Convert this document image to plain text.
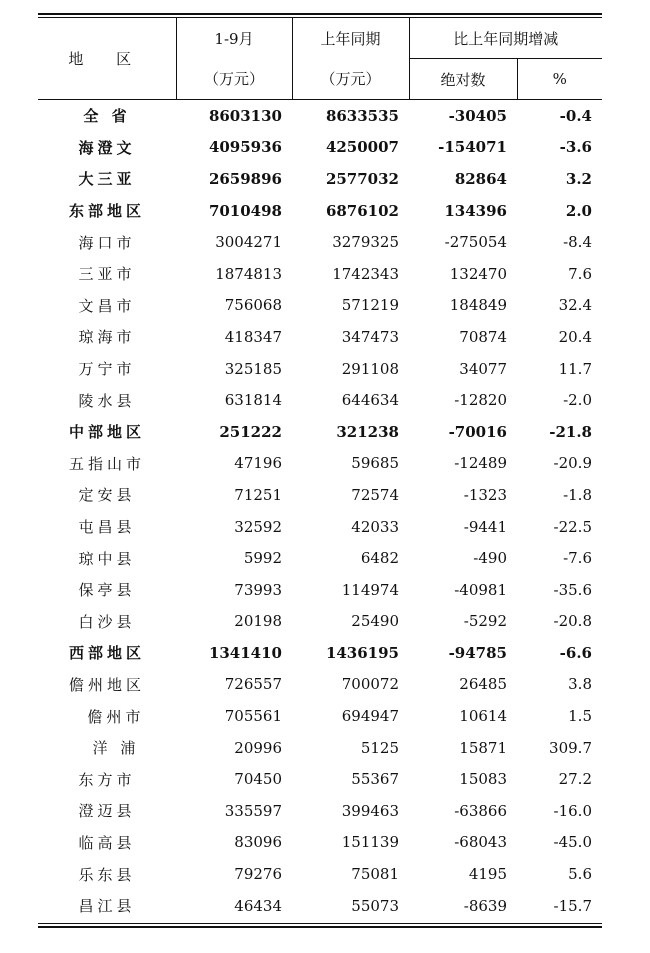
地 区	1-9月	上年同期	比上年同期增减	
	（万元）	（万元）	绝对数	%
全 省	8603130	8633535	-30405	-0.4
海澄文	4095936	4250007	-154071	-3.6
大三亚	2659896	2577032	82864	3.2
东部地区	7010498	6876102	134396	2.0
海口市	3004271	3279325	-275054	-8.4
三亚市	1874813	1742343	132470	7.6
文昌市	756068	571219	184849	32.4
琼海市	418347	347473	70874	20.4
万宁市	325185	291108	34077	11.7
陵水县	631814	644634	-12820	-2.0
中部地区	251222	321238	-70016	-21.8
五指山市	47196	59685	-12489	-20.9
定安县	71251	72574	-1323	-1.8
屯昌县	32592	42033	-9441	-22.5
琼中县	5992	6482	-490	-7.6
保亭县	73993	114974	-40981	-35.6
白沙县	20198	25490	-5292	-20.8
西部地区	1341410	1436195	-94785	-6.6
儋州地区	726557	700072	26485	3.8
儋州市	705561	694947	10614	1.5
洋 浦	20996	5125	15871	309.7
东方市	70450	55367	15083	27.2
澄迈县	335597	399463	-63866	-16.0
临高县	83096	151139	-68043	-45.0
乐东县	79276	75081	4195	5.6
昌江县	46434	55073	-8639	-15.7
